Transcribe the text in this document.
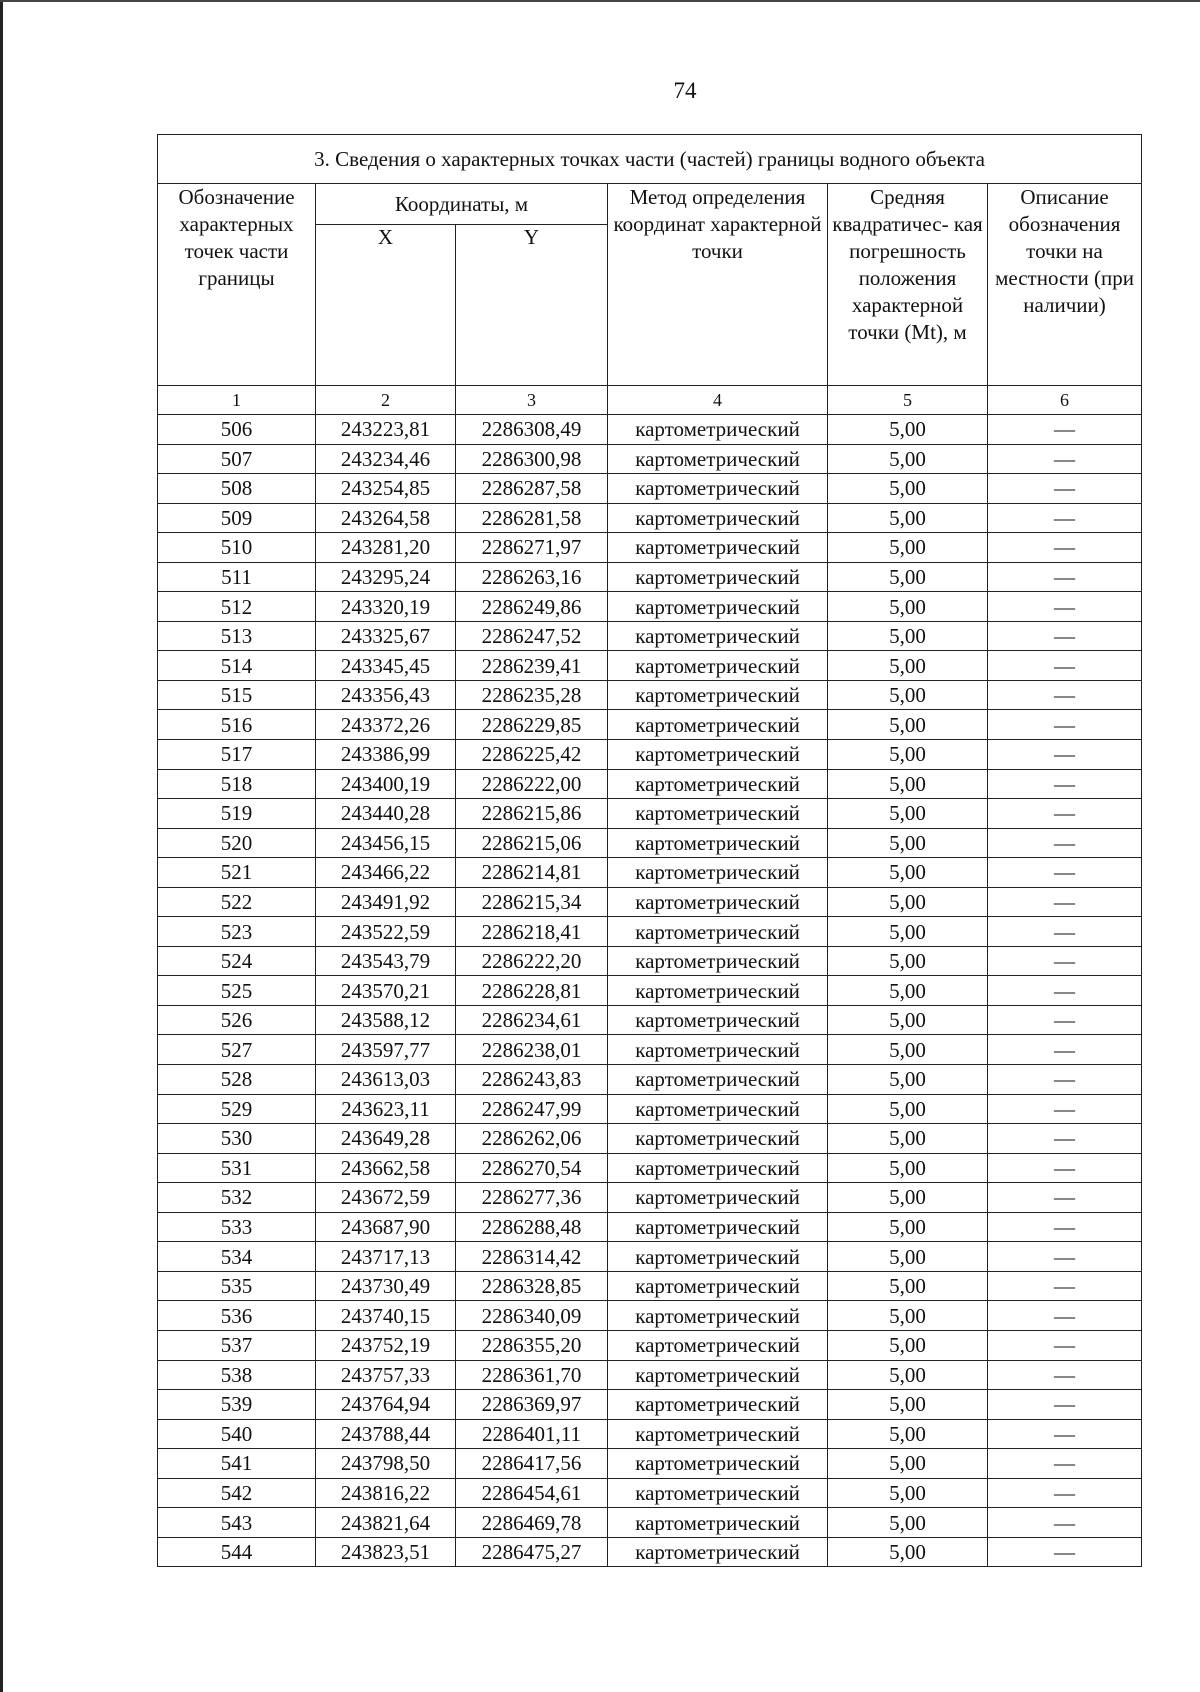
74
3. Сведения о характерных точках части (частей) границы водного объекта					
Обозначение характерных точек части границы	Координаты, м		Метод определения координат характерной точки	Средняя квадратичес- кая погрешность положения характерной точки (Mt), м	Описание обозначения точки на местности (при наличии)
	X	Y			
1	2	3	4	5	6
506	243223,81	2286308,49	картометрический	5,00	—
507	243234,46	2286300,98	картометрический	5,00	—
508	243254,85	2286287,58	картометрический	5,00	—
509	243264,58	2286281,58	картометрический	5,00	—
510	243281,20	2286271,97	картометрический	5,00	—
511	243295,24	2286263,16	картометрический	5,00	—
512	243320,19	2286249,86	картометрический	5,00	—
513	243325,67	2286247,52	картометрический	5,00	—
514	243345,45	2286239,41	картометрический	5,00	—
515	243356,43	2286235,28	картометрический	5,00	—
516	243372,26	2286229,85	картометрический	5,00	—
517	243386,99	2286225,42	картометрический	5,00	—
518	243400,19	2286222,00	картометрический	5,00	—
519	243440,28	2286215,86	картометрический	5,00	—
520	243456,15	2286215,06	картометрический	5,00	—
521	243466,22	2286214,81	картометрический	5,00	—
522	243491,92	2286215,34	картометрический	5,00	—
523	243522,59	2286218,41	картометрический	5,00	—
524	243543,79	2286222,20	картометрический	5,00	—
525	243570,21	2286228,81	картометрический	5,00	—
526	243588,12	2286234,61	картометрический	5,00	—
527	243597,77	2286238,01	картометрический	5,00	—
528	243613,03	2286243,83	картометрический	5,00	—
529	243623,11	2286247,99	картометрический	5,00	—
530	243649,28	2286262,06	картометрический	5,00	—
531	243662,58	2286270,54	картометрический	5,00	—
532	243672,59	2286277,36	картометрический	5,00	—
533	243687,90	2286288,48	картометрический	5,00	—
534	243717,13	2286314,42	картометрический	5,00	—
535	243730,49	2286328,85	картометрический	5,00	—
536	243740,15	2286340,09	картометрический	5,00	—
537	243752,19	2286355,20	картометрический	5,00	—
538	243757,33	2286361,70	картометрический	5,00	—
539	243764,94	2286369,97	картометрический	5,00	—
540	243788,44	2286401,11	картометрический	5,00	—
541	243798,50	2286417,56	картометрический	5,00	—
542	243816,22	2286454,61	картометрический	5,00	—
543	243821,64	2286469,78	картометрический	5,00	—
544	243823,51	2286475,27	картометрический	5,00	—
